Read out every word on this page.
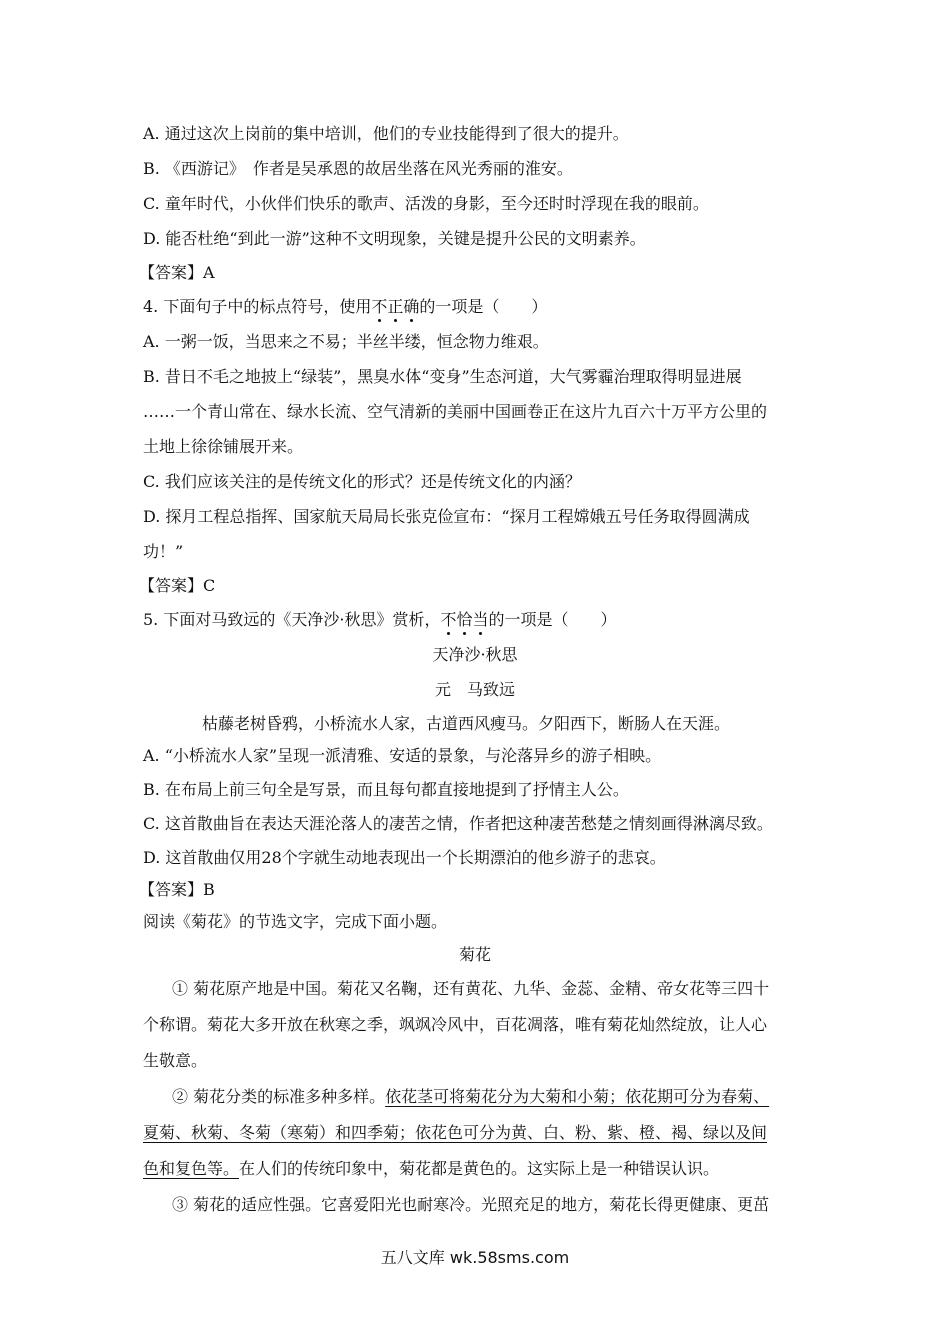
A. 通过这次上岗前的集中培训，他们的专业技能得到了很大的提升。
B. 《西游记》　作者是吴承恩的故居坐落在风光秀丽的淮安。
C. 童年时代，小伙伴们快乐的歌声、活泼的身影，至今还时时浮现在我的眼前。
D. 能否杜绝“到此一游”这种不文明现象，关键是提升公民的文明素养。
【答案】A
4. 下面句子中的标点符号，使用不正确的一项是（　　）
A. 一粥一饭，当思来之不易；半丝半缕，恒念物力维艰。
B. 昔日不毛之地披上“绿装”，黑臭水体“变身”生态河道，大气雾霾治理取得明显进展
……一个青山常在、绿水长流、空气清新的美丽中国画卷正在这片九百六十万平方公里的
土地上徐徐铺展开来。
C. 我们应该关注的是传统文化的形式？还是传统文化的内涵？
D. 探月工程总指挥、国家航天局局长张克俭宣布：“探月工程嫦娥五号任务取得圆满成
功！”
【答案】C
5. 下面对马致远的《天净沙·秋思》赏析，不恰当的一项是（　　）
天净沙·秋思
元　马致远
枯藤老树昏鸦，小桥流水人家，古道西风瘦马。夕阳西下，断肠人在天涯。
A. “小桥流水人家”呈现一派清雅、安适的景象，与沦落异乡的游子相映。
B. 在布局上前三句全是写景，而且每句都直接地提到了抒情主人公。
C. 这首散曲旨在表达天涯沦落人的凄苦之情，作者把这种凄苦愁楚之情刻画得淋漓尽致。
D. 这首散曲仅用28个字就生动地表现出一个长期漂泊的他乡游子的悲哀。
【答案】B
阅读《菊花》的节选文字，完成下面小题。
菊花
① 菊花原产地是中国。菊花又名鞠，还有黄花、九华、金蕊、金精、帝女花等三四十
个称谓。菊花大多开放在秋寒之季，飒飒冷风中，百花凋落，唯有菊花灿然绽放，让人心
生敬意。
② 菊花分类的标准多种多样。依花茎可将菊花分为大菊和小菊；依花期可分为春菊、
夏菊、秋菊、冬菊（寒菊）和四季菊；依花色可分为黄、白、粉、紫、橙、褐、绿以及间
色和复色等。在人们的传统印象中，菊花都是黄色的。这实际上是一种错误认识。
③ 菊花的适应性强。它喜爱阳光也耐寒冷。光照充足的地方，菊花长得更健康、更茁
五八文库 wk.58sms.com
